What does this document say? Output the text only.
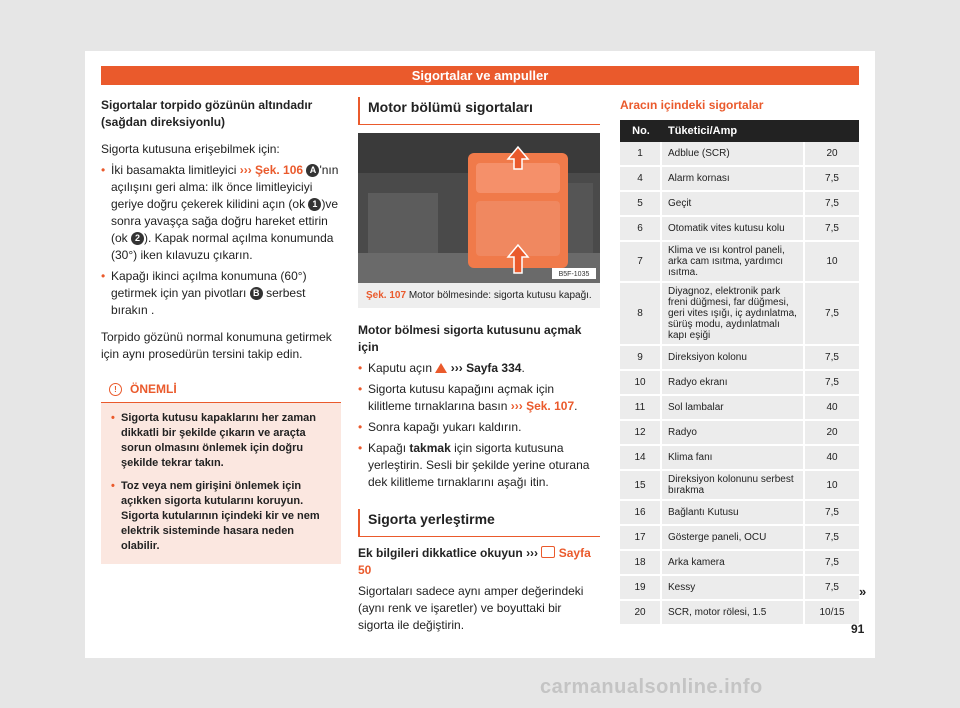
Sigortalar ve ampuller

Sigortalar torpido gözünün altındadır (sağdan direksiyonlu)

Sigorta kutusuna erişebilmek için:

• İki basamakta limitleyici ››› Şek. 106 A 'nın açılışını geri alma: ilk önce limitleyiciyi geriye doğru çekerek kilidini açın (ok 1 )ve sonra yavaşça sağa doğru hareket ettirin (ok 2 ). Kapak normal açılma konumunda (30°) iken kılavuzu çıkarın.
• Kapağı ikinci açılma konumuna (60°) getirmek için yan pivotları B serbest bırakın .

Torpido gözünü normal konumuna getirmek için aynı prosedürün tersini takip edin.

! ÖNEMLİ
• Sigorta kutusu kapaklarını her zaman dikkatli bir şekilde çıkarın ve araçta sorun olmasını önlemek için doğru şekilde tekrar takın.
• Toz veya nem girişini önlemek için açıkken sigorta kutularını koruyun. Sigorta kutularının içindeki kir ve nem elektrik sisteminde hasara neden olabilir.
Motor bölümü sigortaları
B5F-1035
Şek. 107 Motor bölmesinde: sigorta kutusu kapağı.

Motor bölmesi sigorta kutusunu açmak için

• Kaputu açın ››› Sayfa 334.
• Sigorta kutusu kapağını açmak için kilitleme tırnaklarına basın ››› Şek. 107.
• Sonra kapağı yukarı kaldırın.
• Kapağı takmak için sigorta kutusuna yerleştirin. Sesli bir şekilde yerine oturana dek kilitleme tırnaklarını aşağı itin.
Sigorta yerleştirme

Ek bilgileri dikkatlice okuyun ››› Sayfa 50

Sigortaları sadece aynı amper değerindeki (aynı renk ve işaretler) ve boyuttaki bir sigorta ile değiştirin.

Aracın içindeki sigortalar
No.	Tüketici/Amp	
1	Adblue (SCR)	20
4	Alarm kornası	7,5
5	Geçit	7,5
6	Otomatik vites kutusu kolu	7,5
7	Klima ve ısı kontrol paneli, arka cam ısıtma, yardımcı ısıtma.	10
8	Diyagnoz, elektronik park freni düğmesi, far düğmesi, geri vites ışığı, iç aydınlatma, sürüş modu, aydınlatmalı kapı eşiği	7,5
9	Direksiyon kolonu	7,5
10	Radyo ekranı	7,5
11	Sol lambalar	40
12	Radyo	20
14	Klima fanı	40
15	Direksiyon kolonunu serbest bırakma	10
16	Bağlantı Kutusu	7,5
17	Gösterge paneli, OCU	7,5
18	Arka kamera	7,5
19	Kessy	7,5
20	SCR, motor rölesi, 1.5	10/15
»
91
carmanualsonline.info
